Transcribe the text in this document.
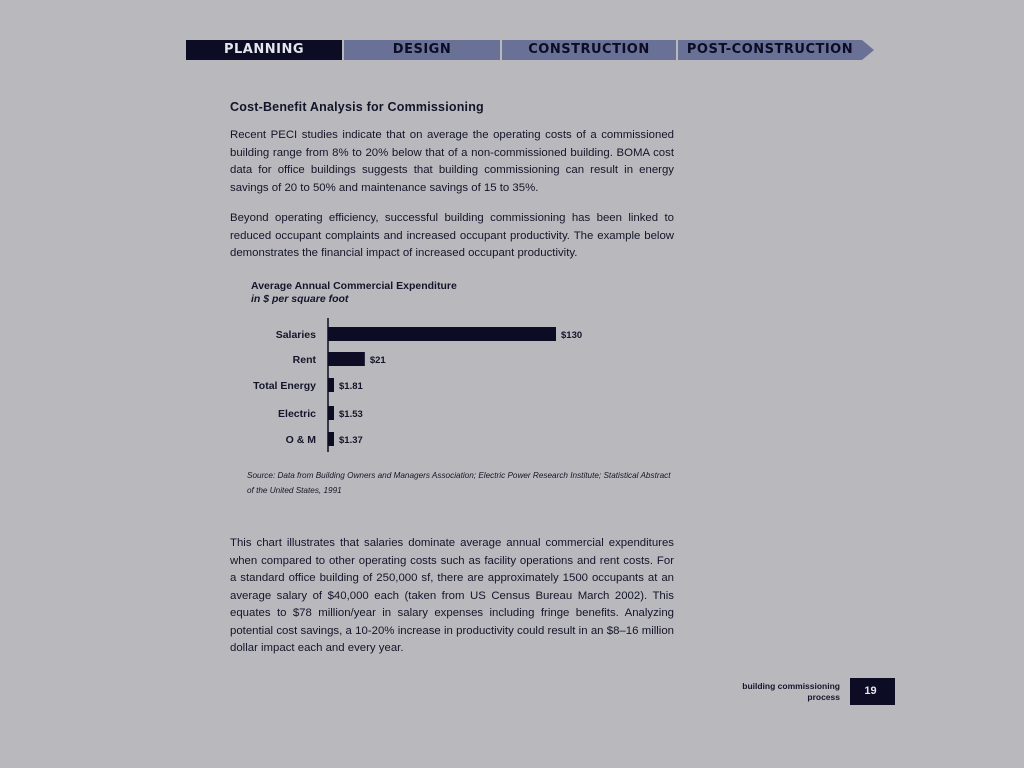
PLANNING	DESIGN	CONSTRUCTION	POST-CONSTRUCTION
Cost-Benefit Analysis for Commissioning

Recent PECI studies indicate that on average the operating costs of a commissioned building range from 8% to 20% below that of a non-commissioned building. BOMA cost data for office buildings suggests that building commissioning can result in energy savings of 20 to 50% and maintenance savings of 15 to 35%.

Beyond operating efficiency, successful building commissioning has been linked to reduced occupant complaints and increased occupant productivity. The example below demonstrates the financial impact of increased occupant productivity.

Average Annual Commercial Expenditure
in $ per square foot
Salaries	$130
Rent	$21
Total Energy $1.81
Electric $1.53
O & M $1.37
Source: Data from Building Owners and Managers Association; Electric Power Research Institute; Statistical Abstract of the United States, 1991

This chart illustrates that salaries dominate average annual commercial expenditures when compared to other operating costs such as facility operations and rent costs. For a standard office building of 250,000 sf, there are approximately 1500 occupants at an average salary of $40,000 each (taken from US Census Bureau March 2002). This equates to $78 million/year in salary expenses including fringe benefits. Analyzing potential cost savings, a 10-20% increase in productivity could result in an $8–16 million dollar impact each and every year.

building commissioning
process	19
